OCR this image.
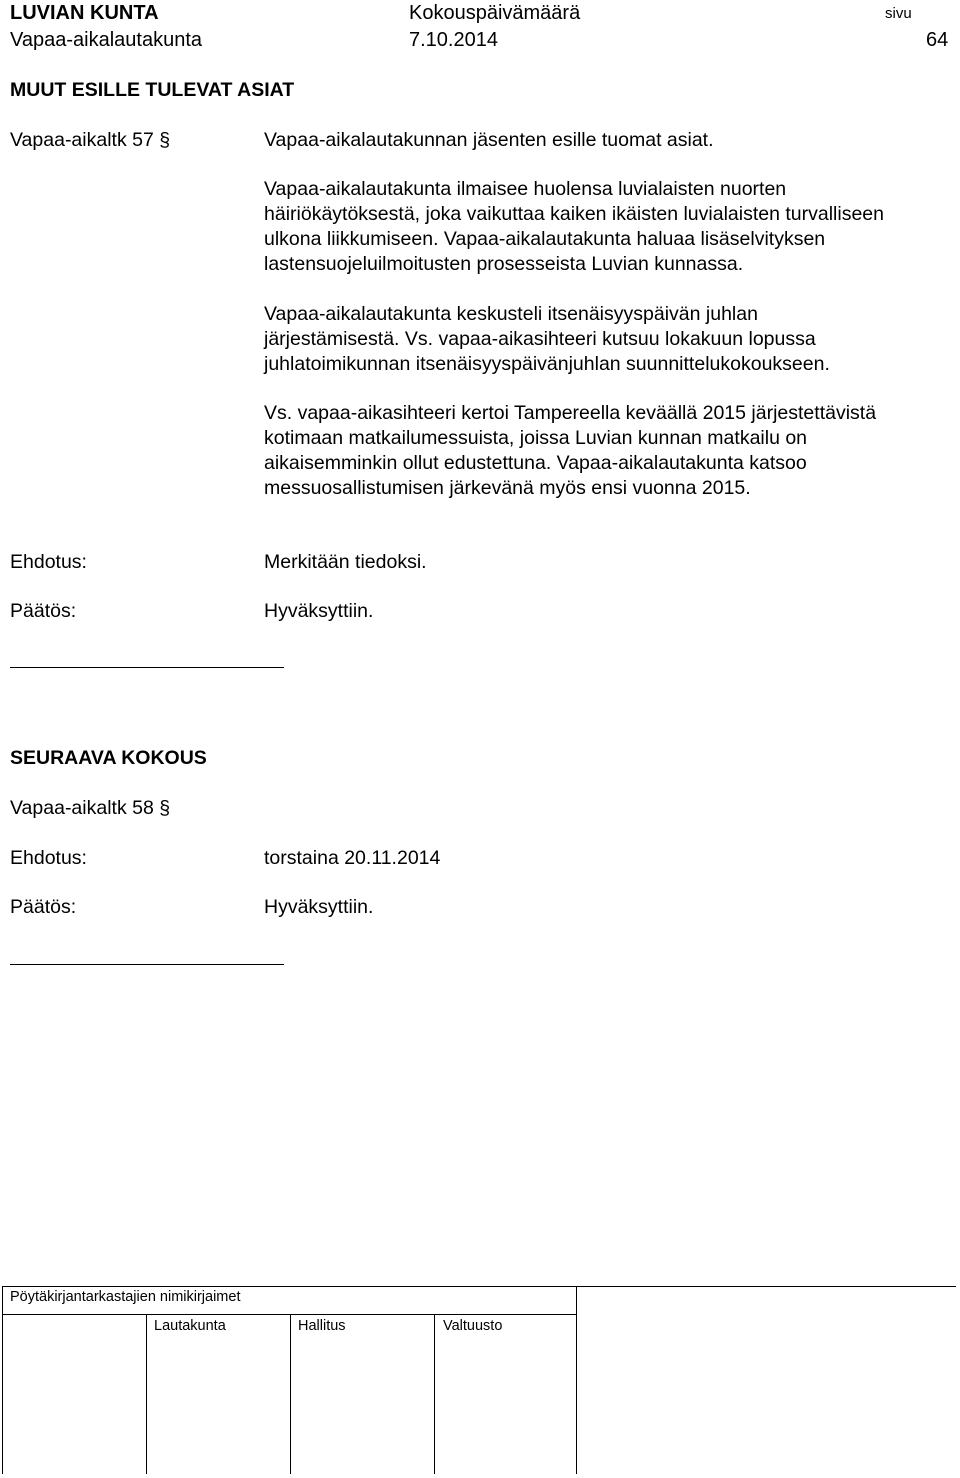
LUVIAN KUNTA
Vapaa-aikalautakunta
Kokouspäivämäärä
7.10.2014
sivu
64
MUUT ESILLE TULEVAT ASIAT
Vapaa-aikaltk 57 §	Vapaa-aikalautakunnan jäsenten esille tuomat asiat.
Vapaa-aikalautakunta ilmaisee huolensa luvialaisten nuorten
häiriökäytöksestä, joka vaikuttaa kaiken ikäisten luvialaisten turvalliseen
ulkona liikkumiseen. Vapaa-aikalautakunta haluaa lisäselvityksen
lastensuojeluilmoitusten prosesseista Luvian kunnassa.
Vapaa-aikalautakunta keskusteli itsenäisyyspäivän juhlan
järjestämisestä. Vs. vapaa-aikasihteeri kutsuu lokakuun lopussa
juhlatoimikunnan itsenäisyyspäivänjuhlan suunnittelukokoukseen.
Vs. vapaa-aikasihteeri kertoi Tampereella keväällä 2015 järjestettävistä
kotimaan matkailumessuista, joissa Luvian kunnan matkailu on
aikaisemminkin ollut edustettuna. Vapaa-aikalautakunta katsoo
messuosallistumisen järkevänä myös ensi vuonna 2015.
Ehdotus:	Merkitään tiedoksi.
Päätös:	Hyväksyttiin.
SEURAAVA KOKOUS
Vapaa-aikaltk 58 §
Ehdotus:	torstaina 20.11.2014
Päätös:	Hyväksyttiin.
Pöytäkirjantarkastajien nimikirjaimet
Lautakunta	Hallitus	Valtuusto
